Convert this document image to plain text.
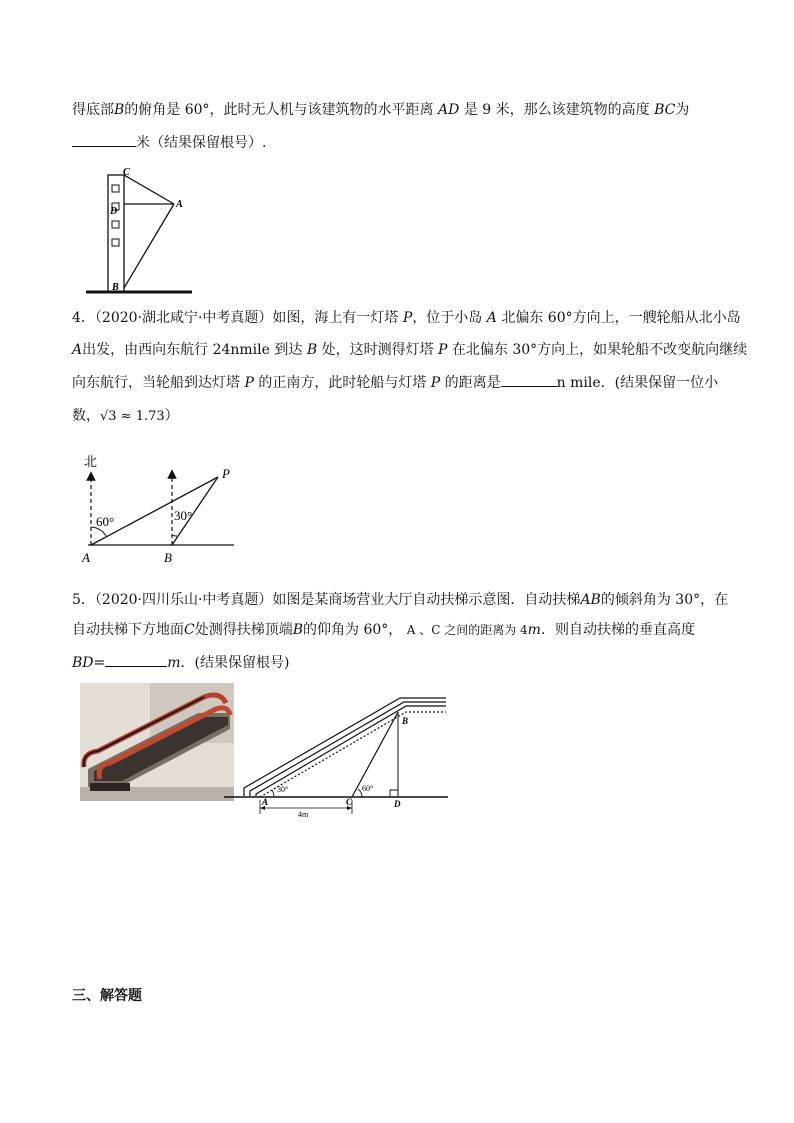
得底部B的俯角是 60°，此时无人机与该建筑物的水平距离 AD 是 9 米，那么该建筑物的高度 BC为
米（结果保留根号）.
C
D
A
B
4．（2020·湖北咸宁·中考真题）如图，海上有一灯塔 P，位于小岛 A 北偏东 60°方向上，一艘轮船从北小岛
A出发，由西向东航行 24nmile 到达 B 处，这时测得灯塔 P 在北偏东 30°方向上，如果轮船不改变航向继续
向东航行，当轮船到达灯塔 P 的正南方，此时轮船与灯塔 P 的距离是	n mile．(结果保留一位小
数，√3 ≈ 1.73）
北
60°	30°
A	B
P
5．（2020·四川乐山·中考真题）如图是某商场营业大厅自动扶梯示意图．自动扶梯AB的倾斜角为 30°，在
自动扶梯下方地面C处测得扶梯顶端B的仰角为 60°， A 、C 之间的距离为 4m．则自动扶梯的垂直高度
BD=	m．(结果保留根号)
30°	60°
A	C	D
B
4m
三、解答题
